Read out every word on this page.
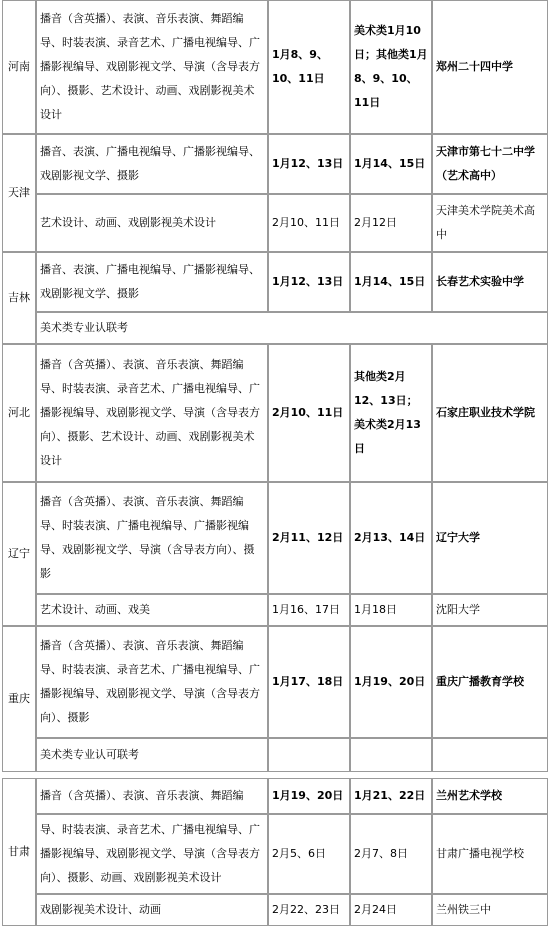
河南	播音（含英播）、表演、音乐表演、舞蹈编导、时装表演、录音艺术、广播电视编导、广播影视编导、戏剧影视文学、导演（含导表方向）、摄影、艺术设计、动画、戏剧影视美术设计	1月8、9、10、11日	美术类1月10日；其他类1月8、9、10、11日	郑州二十四中学
天津	播音、表演、广播电视编导、广播影视编导、戏剧影视文学、摄影	1月12、13日	1月14、15日	天津市第七十二中学（艺术高中）
	艺术设计、动画、戏剧影视美术设计	2月10、11日	2月12日	天津美术学院美术高中
吉林	播音、表演、广播电视编导、广播影视编导、戏剧影视文学、摄影	1月12、13日	1月14、15日	长春艺术实验中学
	美术类专业认联考			
河北	播音（含英播）、表演、音乐表演、舞蹈编导、时装表演、录音艺术、广播电视编导、广播影视编导、戏剧影视文学、导演（含导表方向）、摄影、艺术设计、动画、戏剧影视美术设计	2月10、11日	其他类2月12、13日；美术类2月13日	石家庄职业技术学院
辽宁	播音（含英播）、表演、音乐表演、舞蹈编导、时装表演、广播电视编导、广播影视编导、戏剧影视文学、导演（含导表方向）、摄影	2月11、12日	2月13、14日	辽宁大学
	艺术设计、动画、戏美	1月16、17日	1月18日	沈阳大学
重庆	播音（含英播）、表演、音乐表演、舞蹈编导、时装表演、录音艺术、广播电视编导、广播影视编导、戏剧影视文学、导演（含导表方向）、摄影	1月17、18日	1月19、20日	重庆广播教育学校
	美术类专业认可联考			

甘肃	播音（含英播）、表演、音乐表演、舞蹈编	1月19、20日	1月21、22日	兰州艺术学校
	导、时装表演、录音艺术、广播电视编导、广播影视编导、戏剧影视文学、导演（含导表方向）、摄影、动画、戏剧影视美术设计	2月5、6日	2月7、8日	甘肃广播电视学校
	戏剧影视美术设计、动画	2月22、23日	2月24日	兰州铁三中
